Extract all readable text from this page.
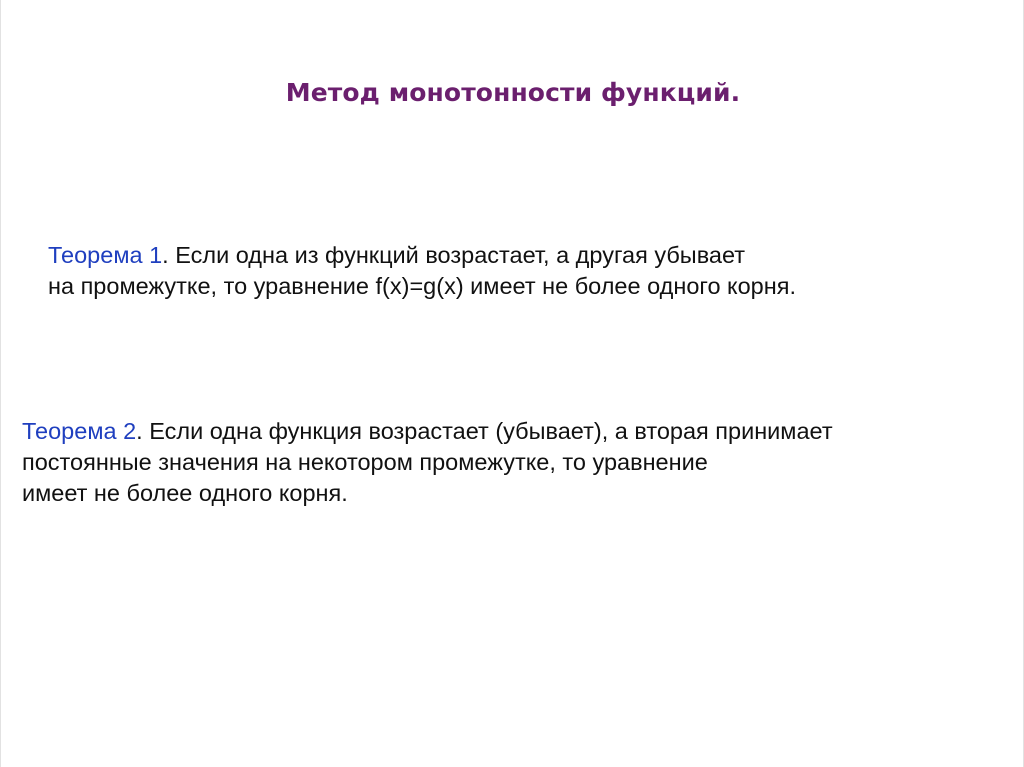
Метод монотонности функций.
Теорема 1. Если одна из функций возрастает, а другая убывает
на промежутке, то уравнение f(x)=g(x) имеет не более одного корня.
Теорема 2. Если одна функция возрастает (убывает), а вторая принимает
постоянные значения на некотором промежутке, то уравнение
имеет не более одного корня.
